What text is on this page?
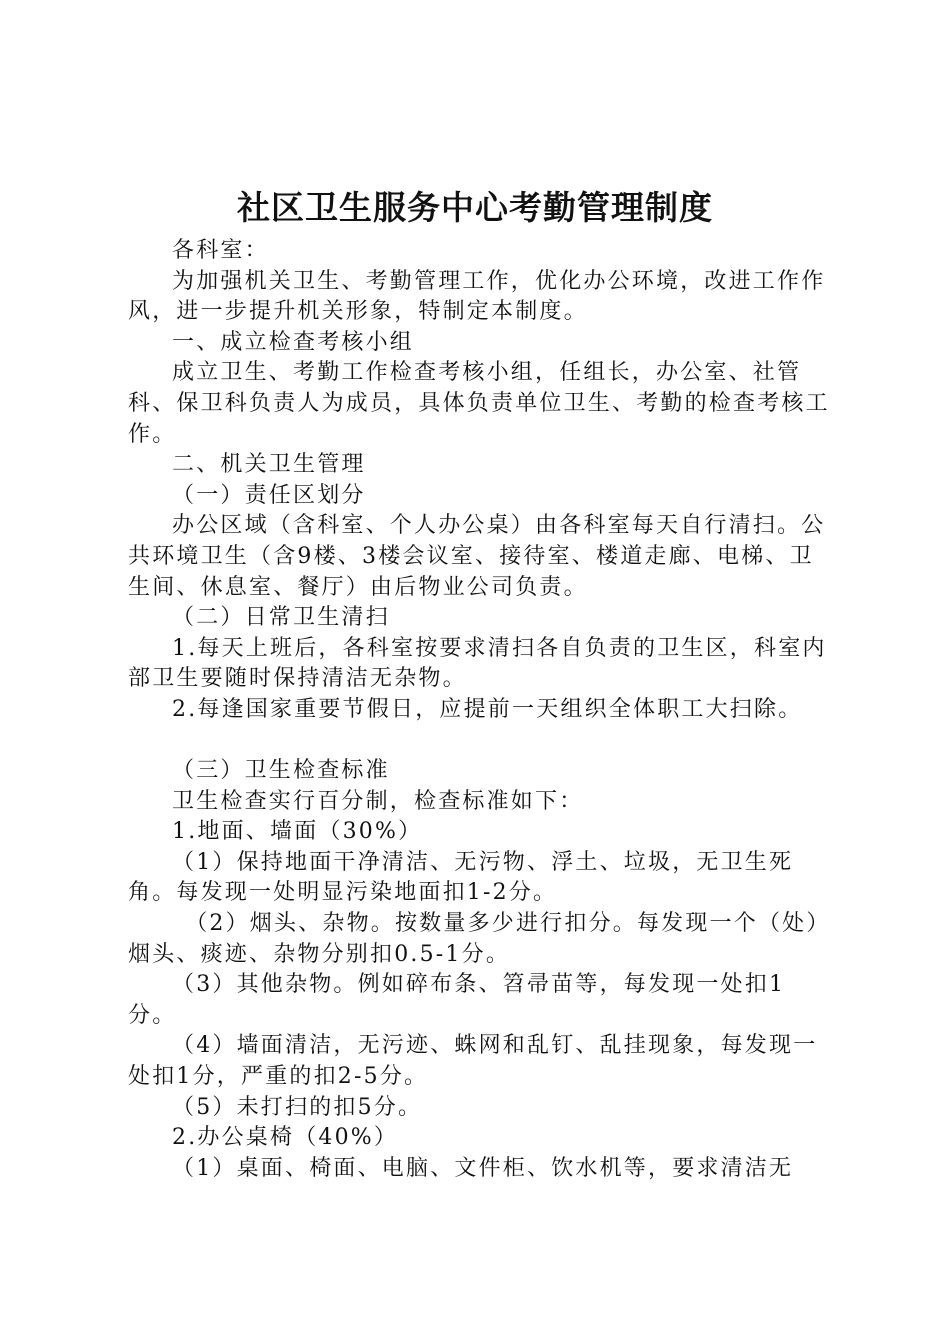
社区卫生服务中心考勤管理制度

各科室：

为加强机关卫生、考勤管理工作，优化办公环境，改进工作作风，进一步提升机关形象，特制定本制度。

一、成立检查考核小组

成立卫生、考勤工作检查考核小组，任组长，办公室、社管科、保卫科负责人为成员，具体负责单位卫生、考勤的检查考核工作。

二、机关卫生管理

（一）责任区划分

办公区域（含科室、个人办公桌）由各科室每天自行清扫。公共环境卫生（含9楼、3楼会议室、接待室、楼道走廊、电梯、卫生间、休息室、餐厅）由后物业公司负责。

（二）日常卫生清扫

1.每天上班后，各科室按要求清扫各自负责的卫生区，科室内部卫生要随时保持清洁无杂物。

2.每逢国家重要节假日，应提前一天组织全体职工大扫除。

（三）卫生检查标准

卫生检查实行百分制，检查标准如下：

1.地面、墙面（30%）

（1）保持地面干净清洁、无污物、浮土、垃圾，无卫生死角。每发现一处明显污染地面扣1-2分。

（2）烟头、杂物。按数量多少进行扣分。每发现一个（处）烟头、痰迹、杂物分别扣0.5-1分。

（3）其他杂物。例如碎布条、笤帚苗等，每发现一处扣1分。

（4）墙面清洁，无污迹、蛛网和乱钉、乱挂现象，每发现一处扣1分，严重的扣2-5分。

（5）未打扫的扣5分。

2.办公桌椅（40%）

（1）桌面、椅面、电脑、文件柜、饮水机等，要求清洁无
